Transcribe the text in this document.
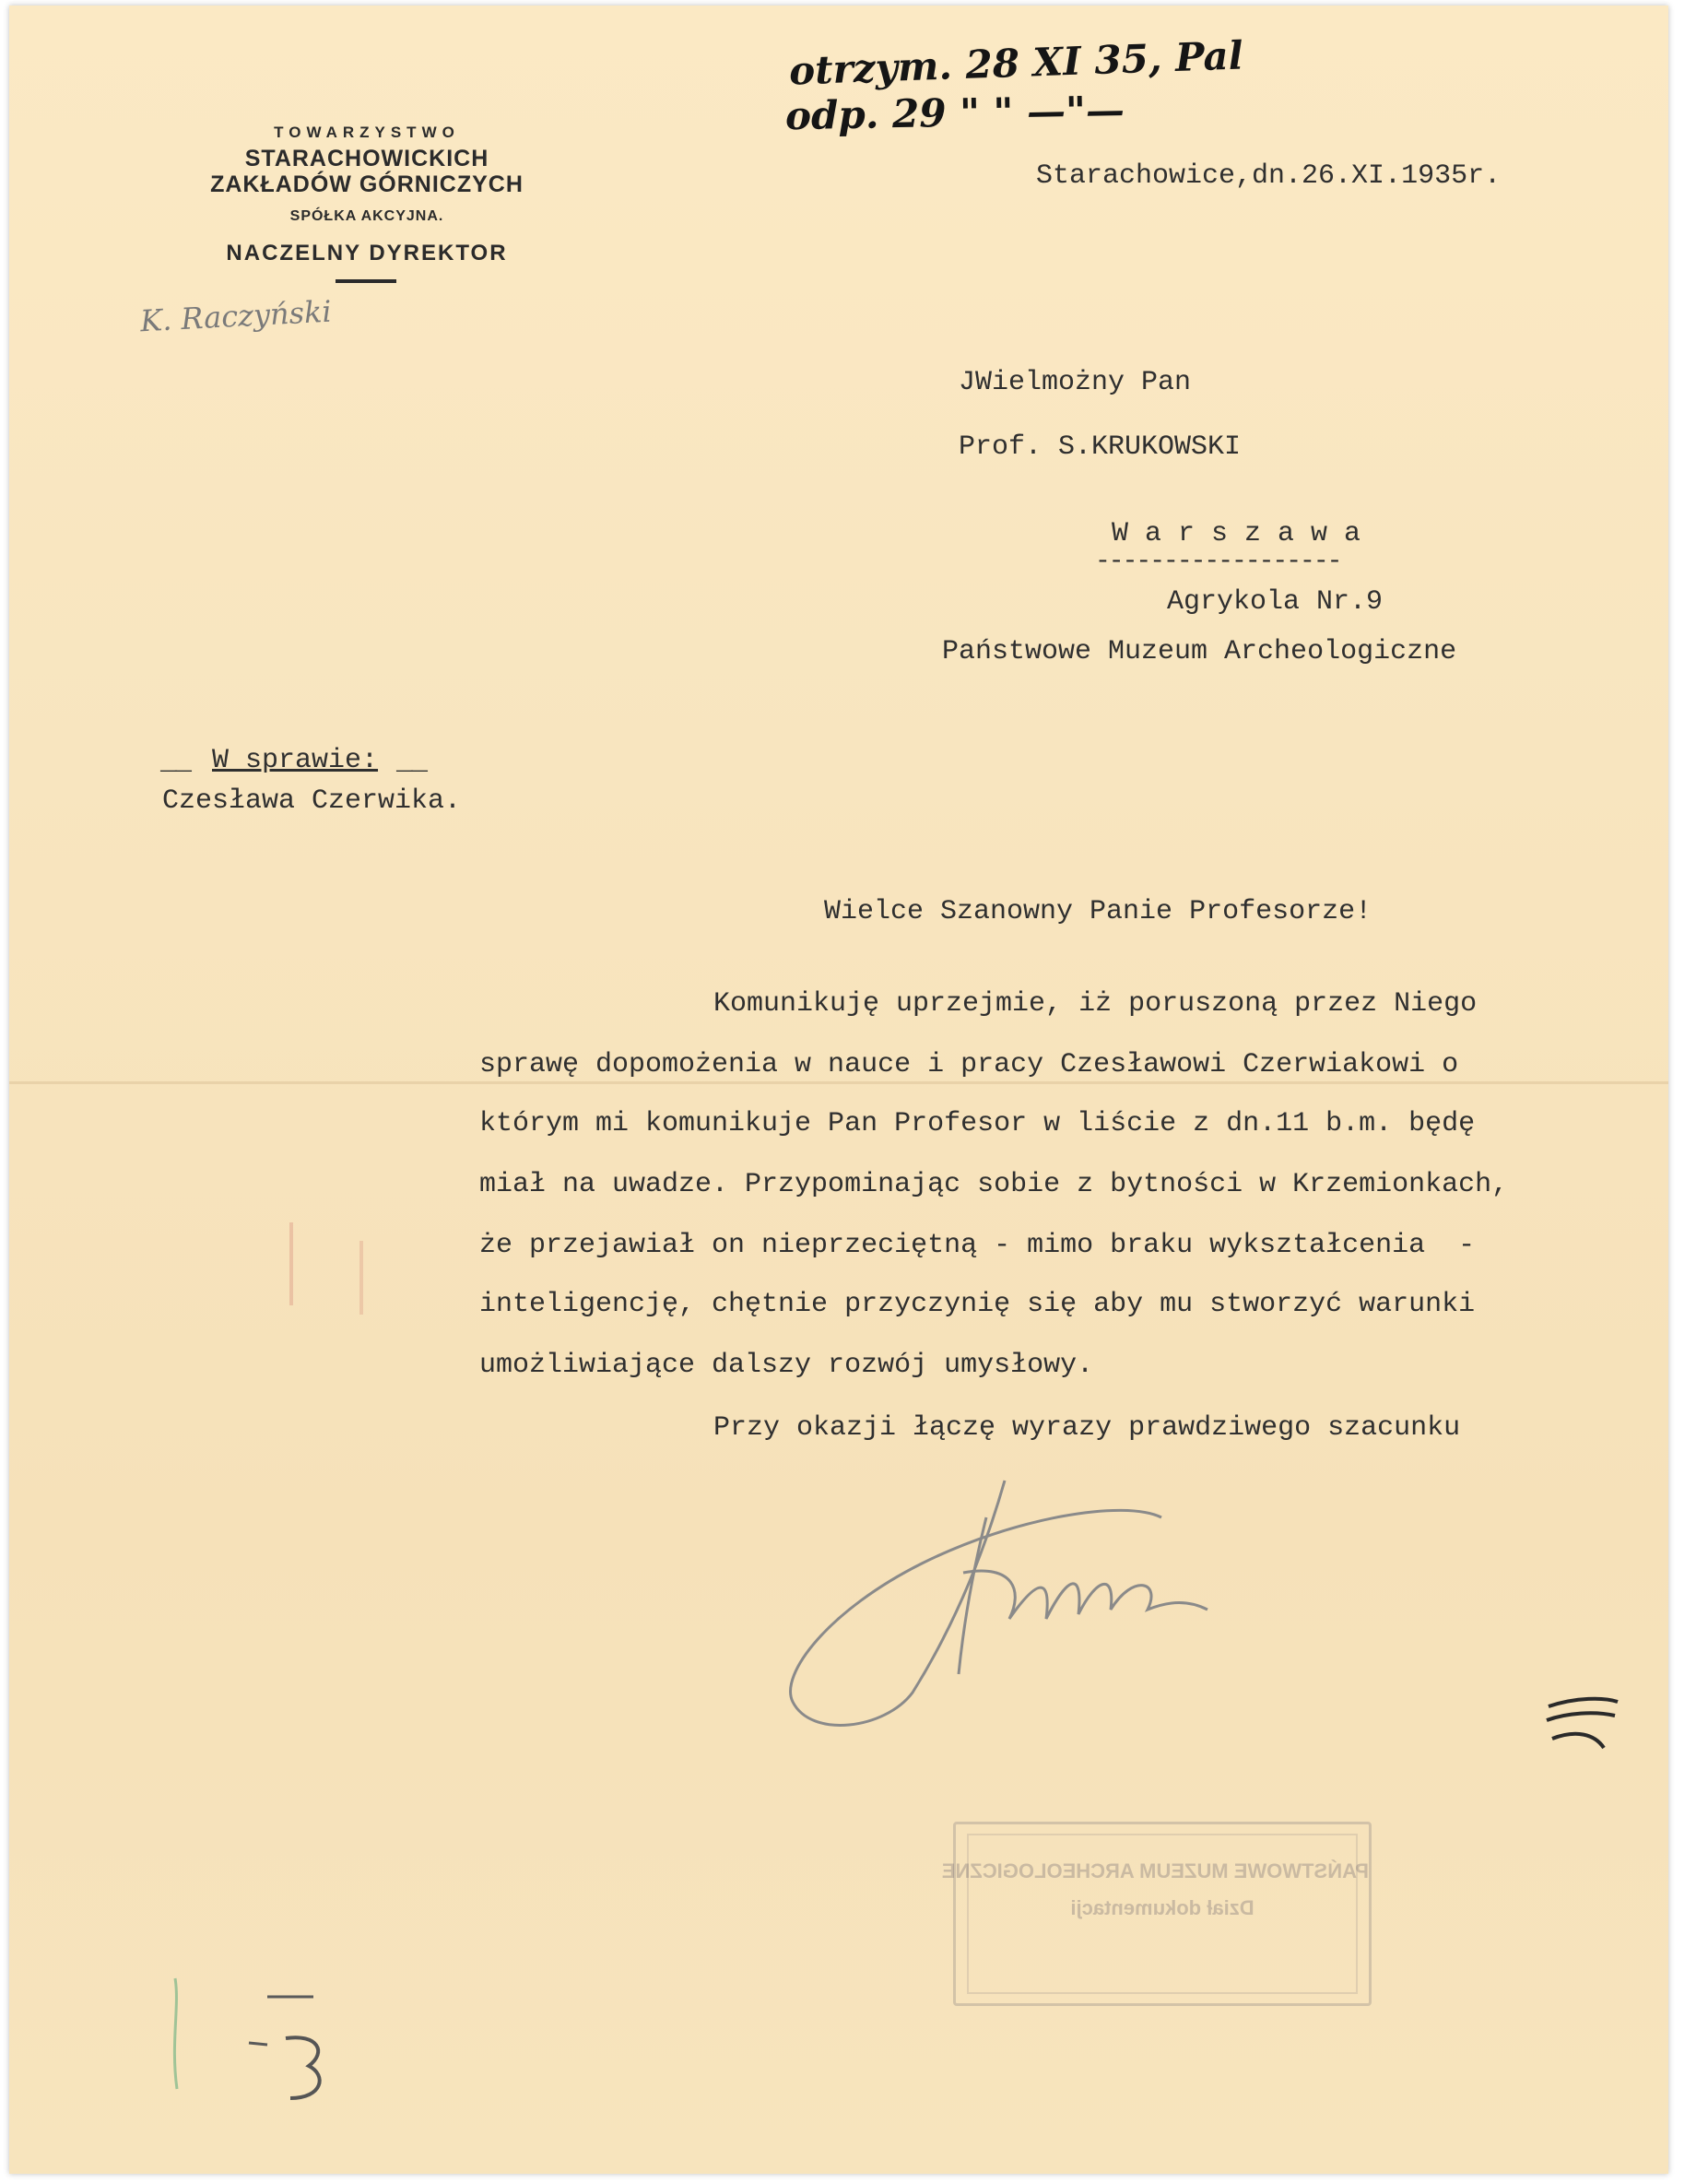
TOWARZYSTWO
STARACHOWICKICH
ZAKŁADÓW GÓRNICZYCH
SPÓŁKA AKCYJNA.
NACZELNY DYREKTOR
otrzym. 28 XI 35, Pal
odp. 29 " " —"—
K. Raczyński
Starachowice,dn.26.XI.1935r.
JWielmożny Pan
Prof. S.KRUKOWSKI
W a r s z a w a
------------------
Agrykola Nr.9
Państwowe Muzeum Archeologiczne
W sprawie:
__	__
Czesława Czerwika.
Wielce Szanowny Panie Profesorze!
Komunikuję uprzejmie, iż poruszoną przez Niego
sprawę dopomożenia w nauce i pracy Czesławowi Czerwiakowi o
którym mi komunikuje Pan Profesor w liście z dn.11 b.m. będę
miał na uwadze. Przypominając sobie z bytności w Krzemionkach,
że przejawiał on nieprzeciętną - mimo braku wykształcenia  -
inteligencję, chętnie przyczynię się aby mu stworzyć warunki
umożliwiające dalszy rozwój umysłowy.
Przy okazji łączę wyrazy prawdziwego szacunku
PAŃSTWOWE MUZEUM ARCHEOLOGICZNE
Dział dokumentacji
